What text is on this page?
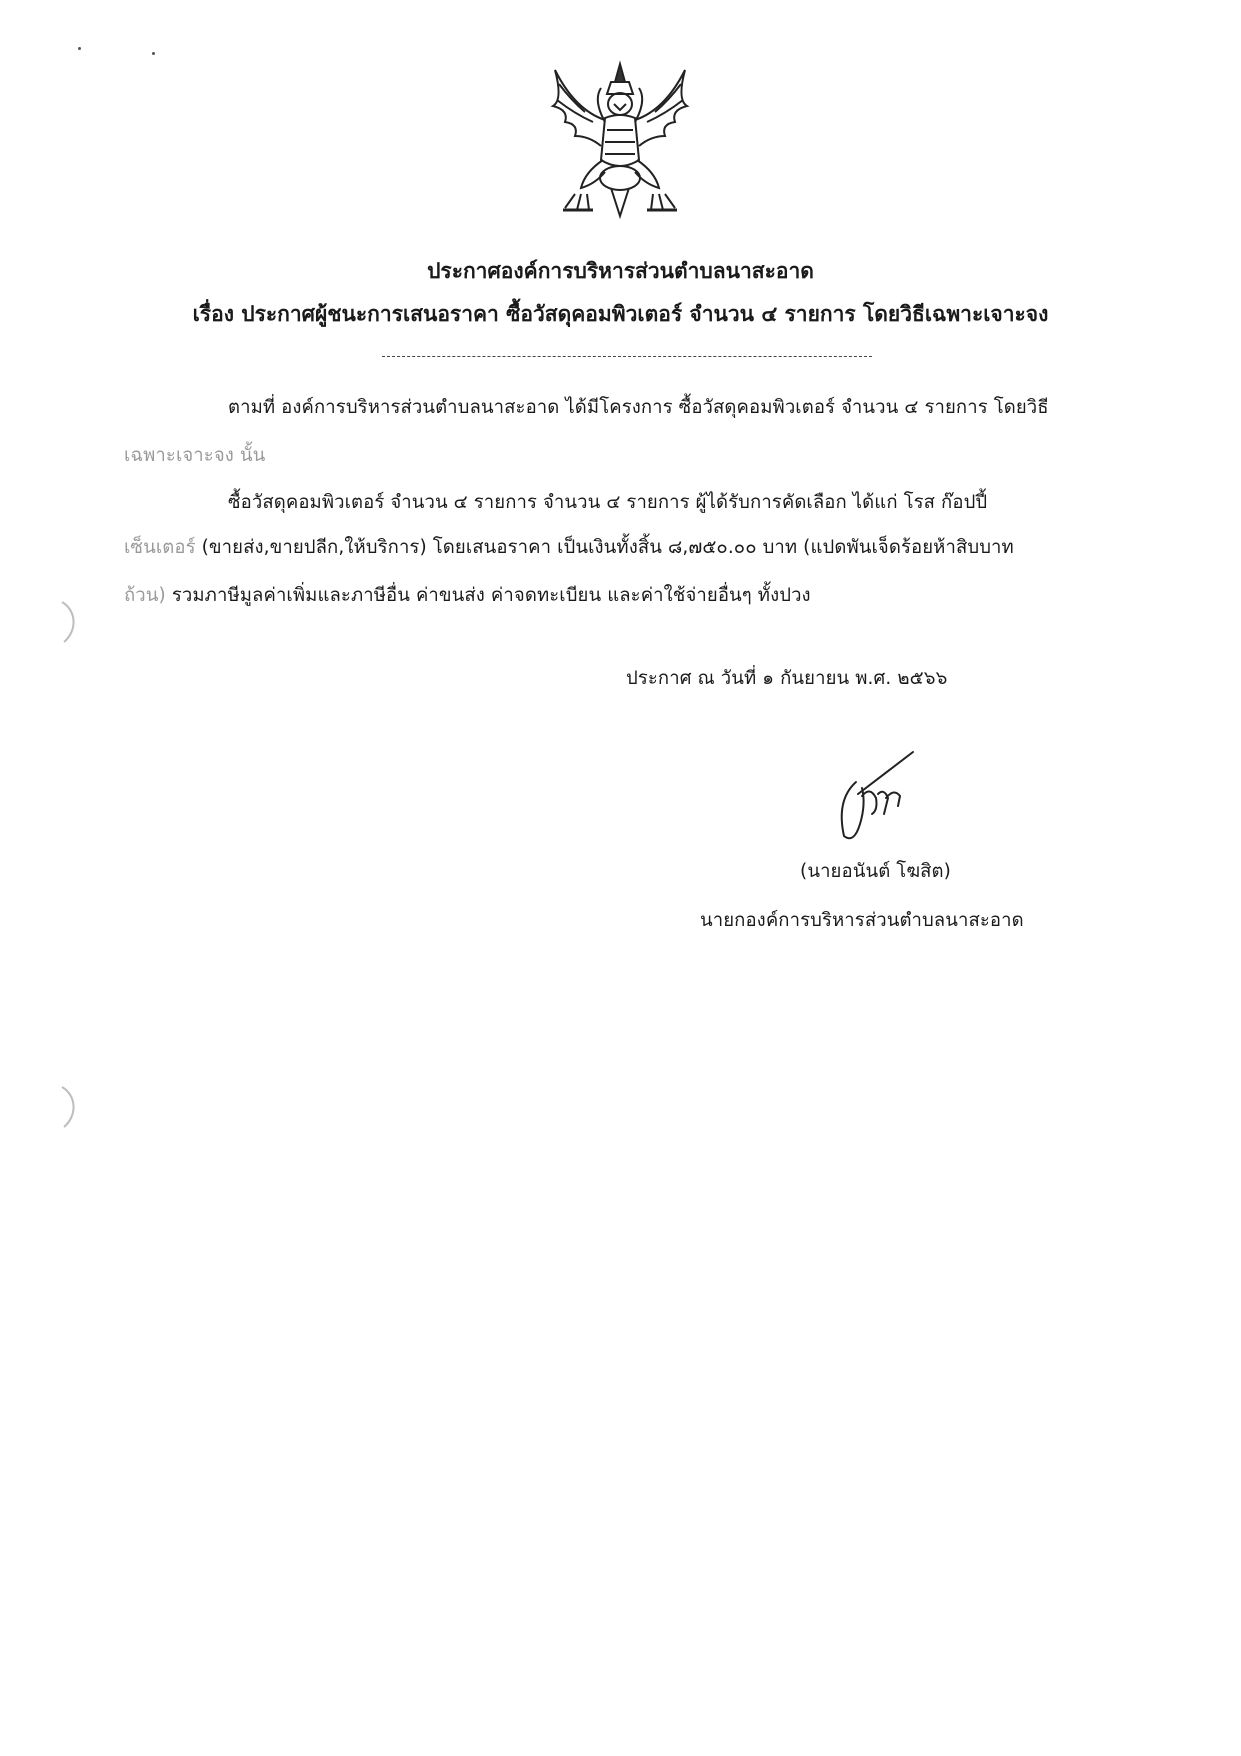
ประกาศองค์การบริหารส่วนตำบลนาสะอาด
เรื่อง ประกาศผู้ชนะการเสนอราคา ซื้อวัสดุคอมพิวเตอร์ จำนวน ๔ รายการ โดยวิธีเฉพาะเจาะจง
ตามที่ องค์การบริหารส่วนตำบลนาสะอาด ได้มีโครงการ ซื้อวัสดุคอมพิวเตอร์ จำนวน ๔ รายการ โดยวิธี
เฉพาะเจาะจง นั้น
ซื้อวัสดุคอมพิวเตอร์ จำนวน ๔ รายการ จำนวน ๔ รายการ ผู้ได้รับการคัดเลือก ได้แก่ โรส ก๊อปปี้
เซ็นเตอร์ (ขายส่ง,ขายปลีก,ให้บริการ) โดยเสนอราคา เป็นเงินทั้งสิ้น ๘,๗๕๐.๐๐ บาท (แปดพันเจ็ดร้อยห้าสิบบาท
ถ้วน) รวมภาษีมูลค่าเพิ่มและภาษีอื่น ค่าขนส่ง ค่าจดทะเบียน และค่าใช้จ่ายอื่นๆ ทั้งปวง
ประกาศ ณ วันที่ ๑ กันยายน พ.ศ. ๒๕๖๖
(นายอนันต์ โฆสิต)
นายกองค์การบริหารส่วนตำบลนาสะอาด
